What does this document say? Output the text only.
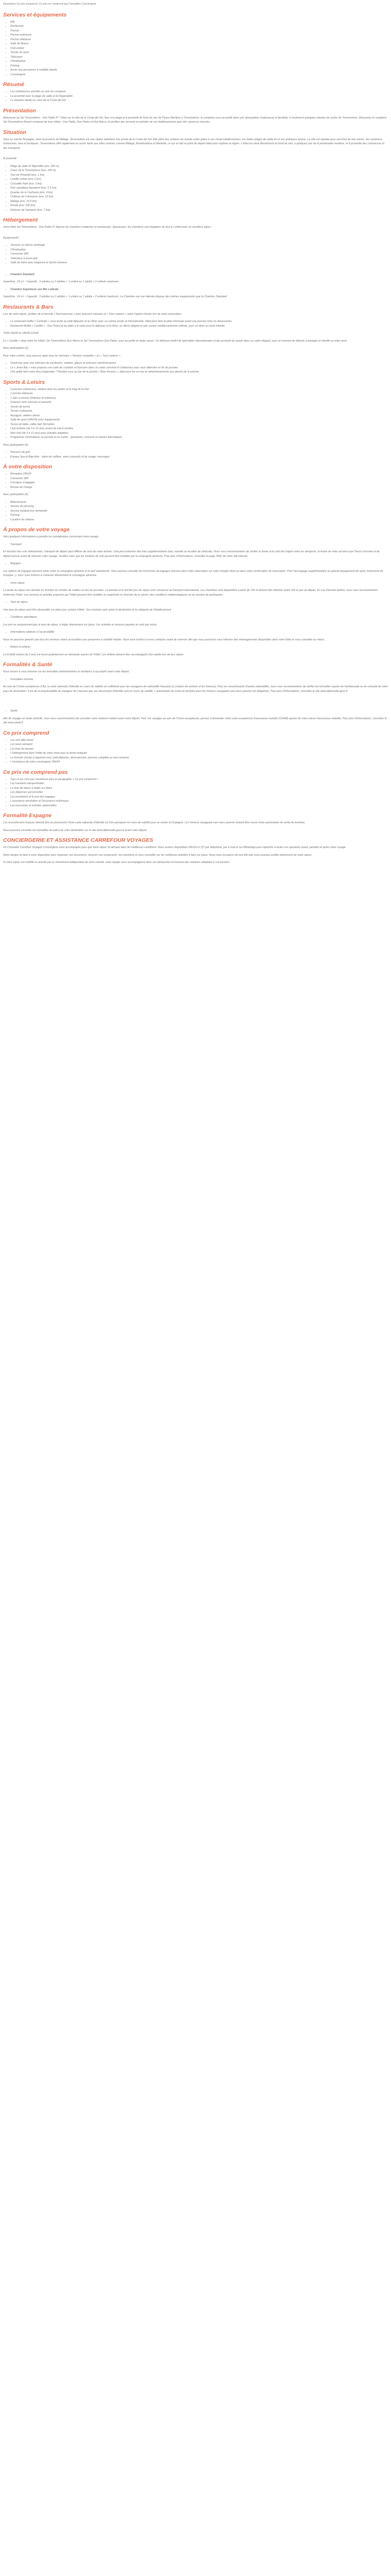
Description Ce prix comprend / Ce prix ne comprend pas Formalités Conciergerie
Services et équipements
• Wifi
• Restaurant
• Piscine
• Piscine extérieure
• Piscine intérieure
• Salle de fitness
• Club enfant
• Terrain de sport
• Télévision
• Climatisation
• Parking
• Accès aux personnes à mobilité réduite
• Conciergerie
Résumé
• Les nombreuses activités au sein du complexe
• La proximité avec la plage de sable et El Argamallón
• La situation idéale au cœur de la Costa del Sol
Présentation

Bienvenue au Sol Torremolinos - Don Pablo 4* ! Situé sur la côte de la Costa del Sol, face à la plage et à proximité du front de mer de Paseo Marítimo à Torremolinos, le complexe vous accueille dans une atmosphère chaleureuse et familiale, à seulement quelques minutes de centre de Torremolinos. Découvrez le complexe Sol Torremolinos Resort composé de trois hôtels : Don Pablo, Don Pedro et Don Marco, et profitez des services et activités de ces établissements pour des vacances réussies.

Situation

Situé au sud de l'Espagne, dans la province de Málaga, Torremolinos est une station balnéaire très prisée de la Costa del Sol. Elle attire des visiteurs du monde entier grâce à son climat méditerranéen, ses belles plages de sable fin et son ambiance festive. La ville est réputée pour son front de mer animé, ses nombreux restaurants, bars et boutiques. Torremolinos offre également un accès facile aux villes voisines comme Málaga, Benalmádena et Marbella, ce qui en fait un point de départ idéal pour explorer la région. L'hôtel est situé directement en bord de mer, à quelques pas de la promenade maritime, et à proximité des commerces et des transports.

À proximité :

• Plage de sable El Bajondillo (env. 200 m)
• Coeur de la Torremolinos (env. 100 m)
• Tour de Pimentel (env. 1 km)
• Castillo ruiñas (env. 2 km)
• Crocodile Park (env. 3 km)
• Parc aquatique Aqualand (env. 2,5 km)
• Quartier de la Carihuela (env. 4 km)
• Château de Colomares (env. 12 km)
• Málaga (env. 15,5 km)
• Ronda (env. 106 km)
• Distance de l'aéroport (env. 7 km)
Hébergement

Votre hôtel Sol Torremolinos - Don Pablo 4* dispose de chambres modernes et lumineuses. Spacieuses, les chambres sont équipées de tout le confort pour un excellent séjour.

Équipements :

• Terrasse ou balcon aménagé
• Climatisation
• Connexion Wifi
• Téléviseur à écran plat
• Salle de bains avec baignoire et sèche-cheveux
• Chambre Standard

Superficie : 24 m² - Capacité : 3 adultes ou 2 adultes + 1 enfant ou 1 adulte + 2 enfants maximum

• Chambre Supérieure vue Mer Latérale

Superficie : 24 m² - Capacité : 3 adultes ou 2 adultes + 1 enfant ou 1 adulte + 2 enfants maximum. La Chambre vue mer latérale dispose des mêmes équipements que la Chambre Standard.

Restaurants & Bars

Lors de votre séjour, profitez de la formule « Demi-pension » avec boissons incluses et « Tout compris » selon l'option choisie lors de votre réservation.

• Le restaurant buffet « Cortadas » vous invite au petit déjeuner et au dîner avec sa cuisine locale et internationale. Idéal pour faire le plein d'énergie avant une journée riche en découvertes.
• Restaurant Buffet « Castilla » : Don Pedro et les plats à la carte pour le déjeuner et le dîner, un décor élégant et une cuisine méditerranéenne raffinée, pour un dîner en toute intimité.

7H30-10H30 et 18H30-21H30

Le « Castilla » situé entre les hôtels Sol Torremolinos Don Marco et Sol Torremolinos Don Pablo, vous accueille en toute saison. Un délicieux buffet de spécialités internationales et des produits de saison dans un cadre élégant, pour un moment de détente à partager en famille ou entre amis.

Avec participation (€) :

Pour votre confort, vous pourrez opter pour les formules « Pension complète » ou « Tout compris » :

• Snack-bar avec une sélection de sandwichs, salades, glaces et boissons rafraîchissantes
• Le « Jerez Bar » vous propose une carte de cocktails et boissons dans un cadre convivial et chaleureux pour vous détendre en fin de journée
• Une petite faim entre deux baignades ? Rendez-vous au bar de la piscine « Blue Horizon », idéal pour les en-cas et rafraîchissements aux abords de la piscine.
Sports & Loisirs
• 2 piscines extérieures, situées dans les jardins et le long de la mer
• 1 piscine intérieure
• 1 bain à remous (intérieur et extérieur)
• Solarium avec transats et parasols
• Terrain de tennis
• Terrain multisports
• Aquagym, ateliers danse
• Salle de sport (24h/24) avec équipements
• Tennis de table, volley ball, fléchettes
• Club Enfants (de 5 à 12 ans) ouvert de mai à octobre
• Mini-club (de 4 à 12 ans) avec activités adaptées
• Programme d'animations en journée et en soirée : spectacles, concerts et soirées thématiques

Avec participation (€) :

• Parcours de golf
• Espace Spa et Bien-être : salon de coiffure, soins corporels et du visage, massages
À votre disposition
• Réception 24h/24
• Connexion Wifi
• Consigne à bagages
• Bureau de change

Avec participation (€) :

• Blanchisserie
• Service de pressing
• Service médical (sur demande)
• Parking
• Location de voitures
À propos de votre voyage

Voici quelques informations à prendre en considération concernant votre voyage.

• Transport

En fonction des vols sélectionnés, l'aéroport de départ peut différer de celui de votre arrivée. Cela peut entraîner des frais supplémentaires (taxi, navette ou location de véhicule). Nous vous recommandons de vérifier la durée et le coût des trajets entre les aéroports, la durée de votre vol ainsi que l'heure d'arrivée et de départ prévue avant de réserver votre voyage. Veuillez noter que les horaires de vols peuvent être modifiés par la compagnie aérienne. Pour plus d'informations, consultez la page 'FAQ' de notre site internet.

• Bagages

Les options de bagages peuvent varier selon la compagnie aérienne et le tarif sélectionné. Vous pourrez consulter les franchises de bagages incluses dans votre réservation sur votre compte client ou dans votre confirmation de réservation. Pour tout bagage supplémentaire ou spécial (équipement de sport, instrument de musique...), nous vous invitons à contacter directement la compagnie aérienne.

• Votre séjour

La durée du séjour est calculée en fonction du nombre de nuitées et non de journées. Le premier et le dernier jour du séjour sont consacrés au transport international. Les chambres sont disponibles à partir de 15h et doivent être libérées avant 12h le jour du départ. En cas d'arrivée tardive, nous vous recommandons d'informer l'hôtel. Les services et activités proposés par l'hôtel peuvent être modifiés ou supprimés en fonction de la saison, des conditions météorologiques ou du nombre de participants.

• Taxe de séjour

Une taxe de séjour peut être demandée sur place par certains hôtels. Son montant varie selon la destination et la catégorie de l'établissement.

• Conditions spécifiques

Les prix ne comprennent pas la taxe de séjour, à régler directement sur place. Les activités et services payants ne sont pas inclus.

• Informations relatives à l'accessibilité

Nous ne pouvons garantir que tous les services soient accessibles aux personnes à mobilité réduite. Nous vous invitons à nous contacter avant de réserver afin que nous puissions vous informer des aménagements disponibles dans votre hôtel et vous conseiller au mieux.

• Bébés et enfants

Le lit bébé (moins de 2 ans) est fourni gratuitement sur demande auprès de l'hôtel. Les enfants doivent être accompagnés d'un adulte lors de leur séjour.

Formalités & Santé

Nous tenons à vous informer sur les formalités administratives et sanitaires à accomplir avant votre départ.

• Formalités d'entrée

Au sein de l'Union européenne (UE), la carte nationale d'identité en cours de validité est suffisante pour les voyageurs de nationalité française (y compris les enfants et les mineurs). Pour les ressortissants d'autres nationalités, nous vous recommandons de vérifier les formalités auprès de l'ambassade ou du consulat de votre pays de destination. Il est de la responsabilité du voyageur de s'assurer que ses documents d'identité sont en cours de validité. L'autorisation de sortie du territoire pour les mineurs voyageant sans leurs parents est obligatoire. Pour plus d'informations, consultez le site www.diplomatie.gouv.fr

• Santé

Afin de voyager en toute sérénité, nous vous recommandons de consulter votre médecin traitant avant votre départ. Pour vos voyages au sein de l'Union européenne, pensez à demander votre carte européenne d'assurance maladie (CEAM) auprès de votre caisse d'assurance maladie. Pour plus d'informations, consultez le site www.ameli.fr

Ce prix comprend
• Les vols aller-retour
• Les taxes aéroport
• Les frais de dossier
• L'hébergement dans l'hôtel de votre choix pour la durée indiquée
• La formule choisie (Logement seul, petit-déjeuner, demi-pension, pension complète ou tout compris)
• L'assistance de notre conciergerie 24h/24
Ce prix ne comprend pas
• Tout ce qui n'est pas mentionné dans le paragraphe « Ce prix comprend »
• Les transferts aéroport/hôtel
• La taxe de séjour à régler sur place
• Les dépenses personnelles
• Les pourboires et le port des bagages
• L'assurance annulation et l'assurance multirisque
• Les excursions et activités optionnelles
Formalité Espagne

Les ressortissants français doivent être en possession d'une carte nationale d'identité ou d'un passeport en cours de validité pour se rendre en Espagne. Les mineurs voyageant sans leurs parents doivent être munis d'une autorisation de sortie du territoire.

Nous pouvons consulter les formalités de police de votre destination sur le site www.diplomatie.gouv.fr avant votre départ.

CONCIERGERIE ET ASSISTANCE CARREFOUR VOYAGES

Un Conseiller Carrefour Voyages Conciergerie vous accompagne pour que votre séjour se déroule dans les meilleures conditions. Nous restons disponibles 24h/24 et 7j/7 par téléphone, par e-mail et sur WhatsApp pour répondre à toutes vos questions avant, pendant et après votre voyage.

Notre équipe se tient à votre disposition pour organiser vos excursions, réserver vos restaurants, vos transferts et vous conseiller sur les meilleures activités à faire sur place. Nous nous occupons de tout afin que vous puissiez profiter pleinement de votre séjour.

Si votre séjour est modifié ou annulé par un événement indépendant de votre volonté, notre équipe vous accompagnera dans vos démarches et trouvera des solutions adaptées à vos besoins.
